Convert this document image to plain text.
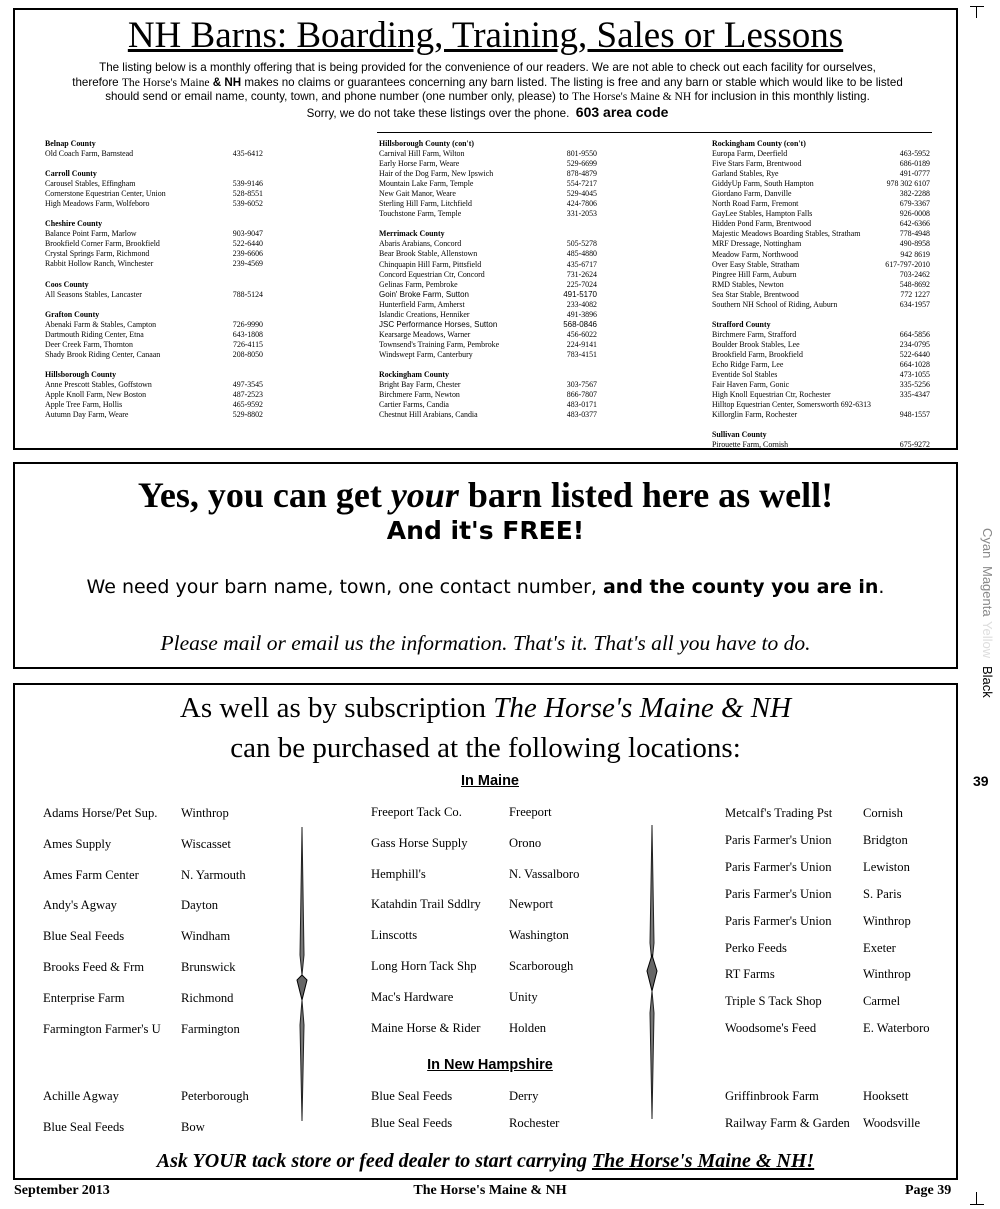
NH Barns: Boarding, Training, Sales or Lessons
The listing below is a monthly offering that is being provided for the convenience of our readers. We are not able to check out each facility for ourselves,
therefore The Horse's Maine & NH makes no claims or guarantees concerning any barn listed. The listing is free and any barn or stable which would like to be listed
should send or email name, county, town, and phone number (one number only, please) to The Horse's Maine & NH for inclusion in this monthly listing.
Sorry, we do not take these listings over the phone. 603 area code
Belnap County
Old Coach Farm, Barnstead	435-6412
Carroll County
Carousel Stables, Effingham	539-9146
Cornerstone Equestrian Center, Union	528-8551
High Meadows Farm, Wolfeboro	539-6052
Cheshire County
Balance Point Farm, Marlow	903-9047
Brookfield Corner Farm, Brookfield	522-6440
Crystal Springs Farm, Richmond	239-6606
Rabbit Hollow Ranch, Winchester	239-4569
Coos County
All Seasons Stables, Lancaster	788-5124
Grafton County
Abenaki Farm & Stables, Campton	726-9990
Dartmouth Riding Center, Etna	643-1808
Deer Creek Farm, Thornton	726-4115
Shady Brook Riding Center, Canaan	208-8050
Hillsborough County
Anne Prescott Stables, Goffstown	497-3545
Apple Knoll Farm, New Boston	487-2523
Apple Tree Farm, Hollis	465-9592
Autumn Day Farm, Weare	529-8802
Hillsborough County (con't)
Carnival Hill Farm, Wilton	801-9550
Early Horse Farm, Weare	529-6699
Hair of the Dog Farm, New Ipswich	878-4879
Mountain Lake Farm, Temple	554-7217
New Gait Manor, Weare	529-4045
Sterling Hill Farm, Litchfield	424-7806
Touchstone Farm, Temple	331-2053
Merrimack County
Abaris Arabians, Concord	505-5278
Bear Brook Stable, Allenstown	485-4880
Chinquapin Hill Farm, Pittsfield	435-6717
Concord Equestrian Ctr, Concord	731-2624
Gelinas Farm, Pembroke	225-7024
Goin' Broke Farm, Sutton	491-5170
Hunterfield Farm, Amherst	233-4082
Islandic Creations, Henniker	491-3896
JSC Performance Horses, Sutton	568-0846
Kearsarge Meadows, Warner	456-6022
Townsend's Training Farm, Pembroke	224-9141
Windswept Farm, Canterbury	783-4151
Rockingham County
Bright Bay Farm, Chester	303-7567
Birchmere Farm, Newton	866-7807
Cartier Farms, Candia	483-0171
Chestnut Hill Arabians, Candia	483-0377
Rockingham County (con't)
Europa Farm, Deerfield	463-5952
Five Stars Farm, Brentwood	686-0189
Garland Stables, Rye	491-0777
GiddyUp Farm, South Hampton	978 302 6107
Giordano Farm, Danville	382-2288
North Road Farm, Fremont	679-3367
GayLee Stables, Hampton Falls	926-0008
Hidden Pond Farm, Brentwood	642-6366
Majestic Meadows Boarding Stables, Stratham	778-4948
MRF Dressage, Nottingham	490-8958
Meadow Farm, Northwood	942 8619
Over Easy Stable, Stratham	617-797-2010
Pingree Hill Farm, Auburn	703-2462
RMD Stables, Newton	548-8692
Sea Star Stable, Brentwood	772 1227
Southern NH School of Riding, Auburn	634-1957
Strafford County
Birchmere Farm, Strafford	664-5856
Boulder Brook Stables, Lee	234-0795
Brookfield Farm, Brookfield	522-6440
Echo Ridge Farm, Lee	664-1028
Eventide Sol Stables	473-1055
Fair Haven Farm, Gonic	335-5256
High Knoll Equestrian Ctr, Rochester	335-4347
Hilltop Equestrian Center, Somersworth 692-6313
Killorglin Farm, Rochester	948-1557
Sullivan County
Pirouette Farm, Cornish	675-9272
Yes, you can get your barn listed here as well!
And it's FREE!
We need your barn name, town, one contact number, and the county you are in.
Please mail or email us the information. That's it. That's all you have to do.
As well as by subscription The Horse's Maine & NH
can be purchased at the following locations:
In Maine
In New Hampshire
Adams Horse/Pet Sup. Winthrop
Ames Supply	Wiscasset
Ames Farm Center	N. Yarmouth
Andy's Agway	Dayton
Blue Seal Feeds	Windham
Brooks Feed & Frm	Brunswick
Enterprise Farm	Richmond
Farmington Farmer's U Farmington
Freeport Tack Co.	Freeport
Gass Horse Supply	Orono
Hemphill's	N. Vassalboro
Katahdin Trail Sddlry Newport
Linscotts	Washington
Long Horn Tack Shp	Scarborough
Mac's Hardware	Unity
Maine Horse & Rider Holden
Metcalf's Trading Pst Cornish
Paris Farmer's Union Bridgton
Paris Farmer's Union Lewiston
Paris Farmer's Union S. Paris
Paris Farmer's Union Winthrop
Perko Feeds	Exeter
RT Farms	Winthrop
Triple S Tack Shop	Carmel
Woodsome's Feed	E. Waterboro
Achille Agway	Peterborough
Blue Seal Feeds	Bow
Blue Seal Feeds	Derry
Blue Seal Feeds	Rochester
Griffinbrook Farm	Hooksett
Railway Farm & Garden Woodsville
Ask YOUR tack store or feed dealer to start carrying The Horse's Maine & NH!
September 2013	The Horse's Maine & NH	Page 39
Cyan
Magenta
Yellow
Black
39
